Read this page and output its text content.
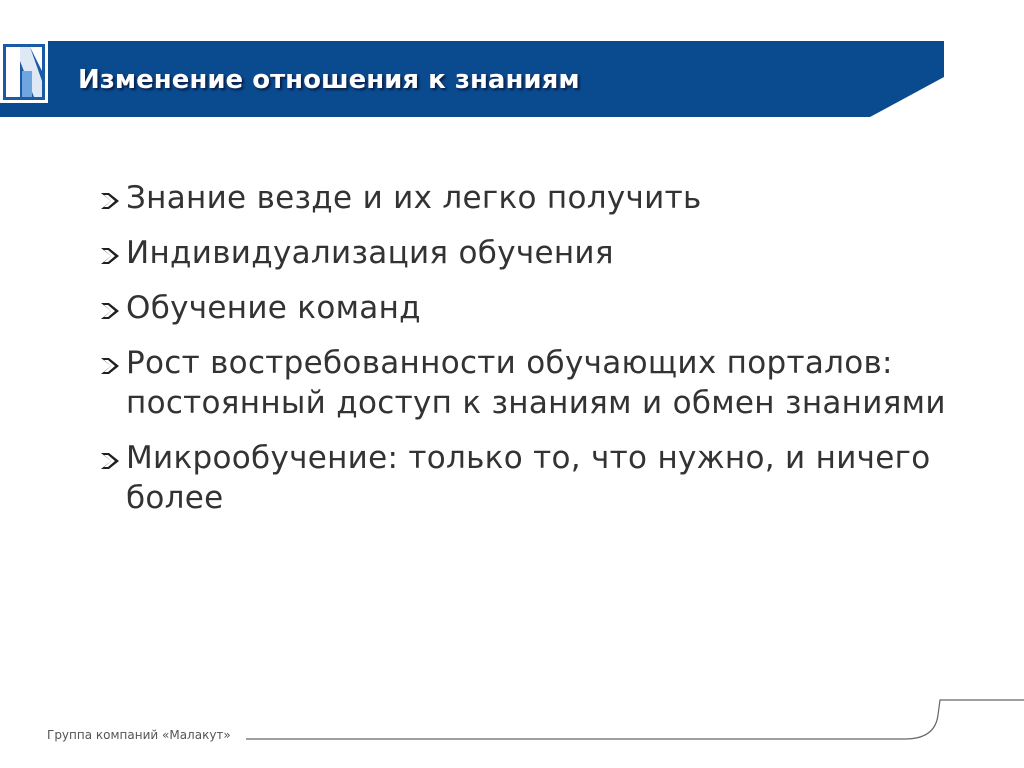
Изменение отношения к знаниям
Знание везде и их легко получить
Индивидуализация обучения
Обучение команд
Рост востребованности обучающих порталов: постоянный доступ к знаниям и обмен знаниями
Микрообучение: только то, что нужно, и ничего более
Группа компаний «Малакут»
